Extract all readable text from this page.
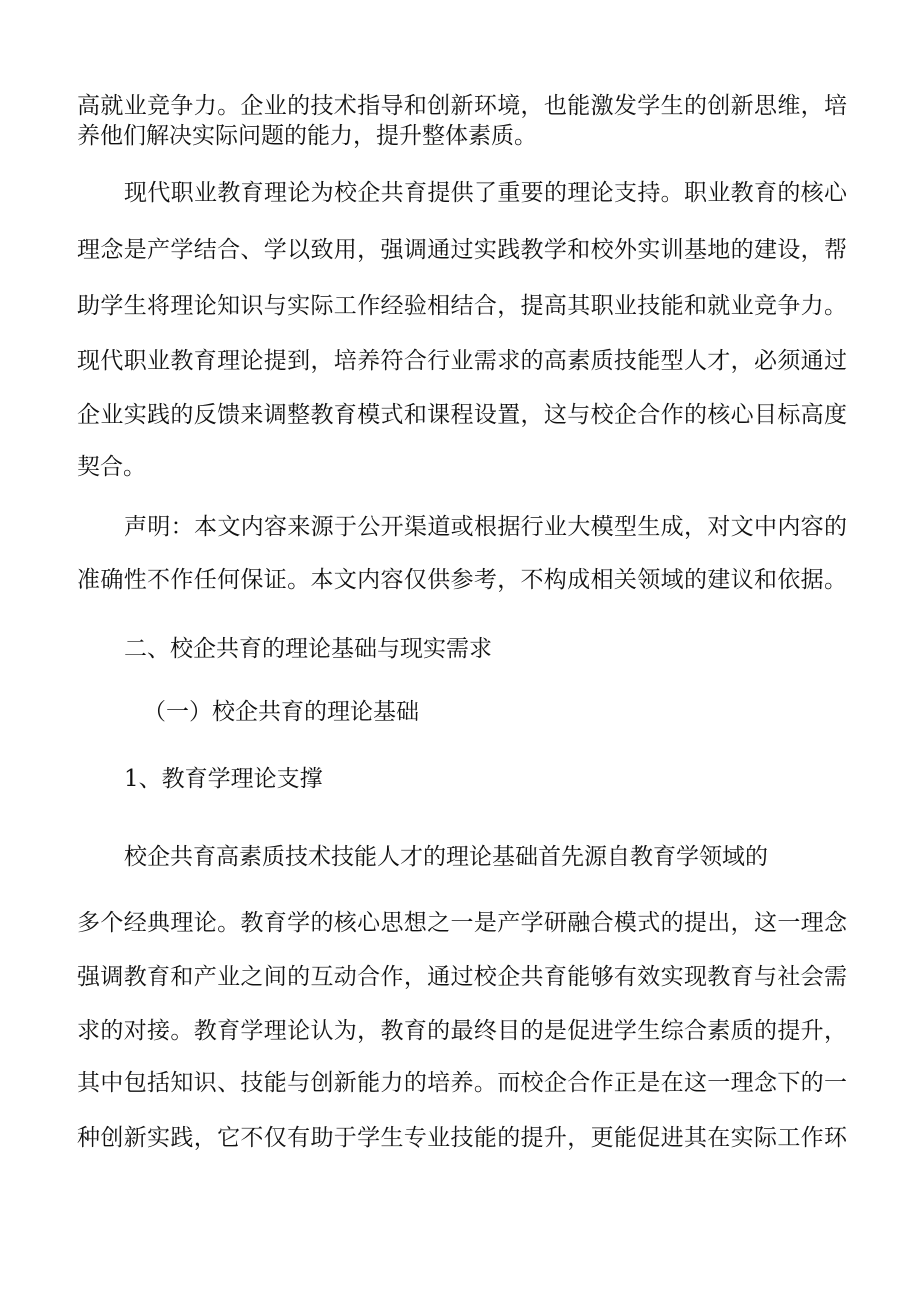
高就业竞争力。企业的技术指导和创新环境，也能激发学生的创新思维，培
养他们解决实际问题的能力，提升整体素质。
现代职业教育理论为校企共育提供了重要的理论支持。职业教育的核心
理念是产学结合、学以致用，强调通过实践教学和校外实训基地的建设，帮
助学生将理论知识与实际工作经验相结合，提高其职业技能和就业竞争力。
现代职业教育理论提到，培养符合行业需求的高素质技能型人才，必须通过
企业实践的反馈来调整教育模式和课程设置，这与校企合作的核心目标高度
契合。
声明：本文内容来源于公开渠道或根据行业大模型生成，对文中内容的
准确性不作任何保证。本文内容仅供参考，不构成相关领域的建议和依据。
二、校企共育的理论基础与现实需求
（一）校企共育的理论基础
1、教育学理论支撑
校企共育高素质技术技能人才的理论基础首先源自教育学领域的
多个经典理论。教育学的核心思想之一是产学研融合模式的提出，这一理念
强调教育和产业之间的互动合作，通过校企共育能够有效实现教育与社会需
求的对接。教育学理论认为，教育的最终目的是促进学生综合素质的提升，
其中包括知识、技能与创新能力的培养。而校企合作正是在这一理念下的一
种创新实践，它不仅有助于学生专业技能的提升，更能促进其在实际工作环
